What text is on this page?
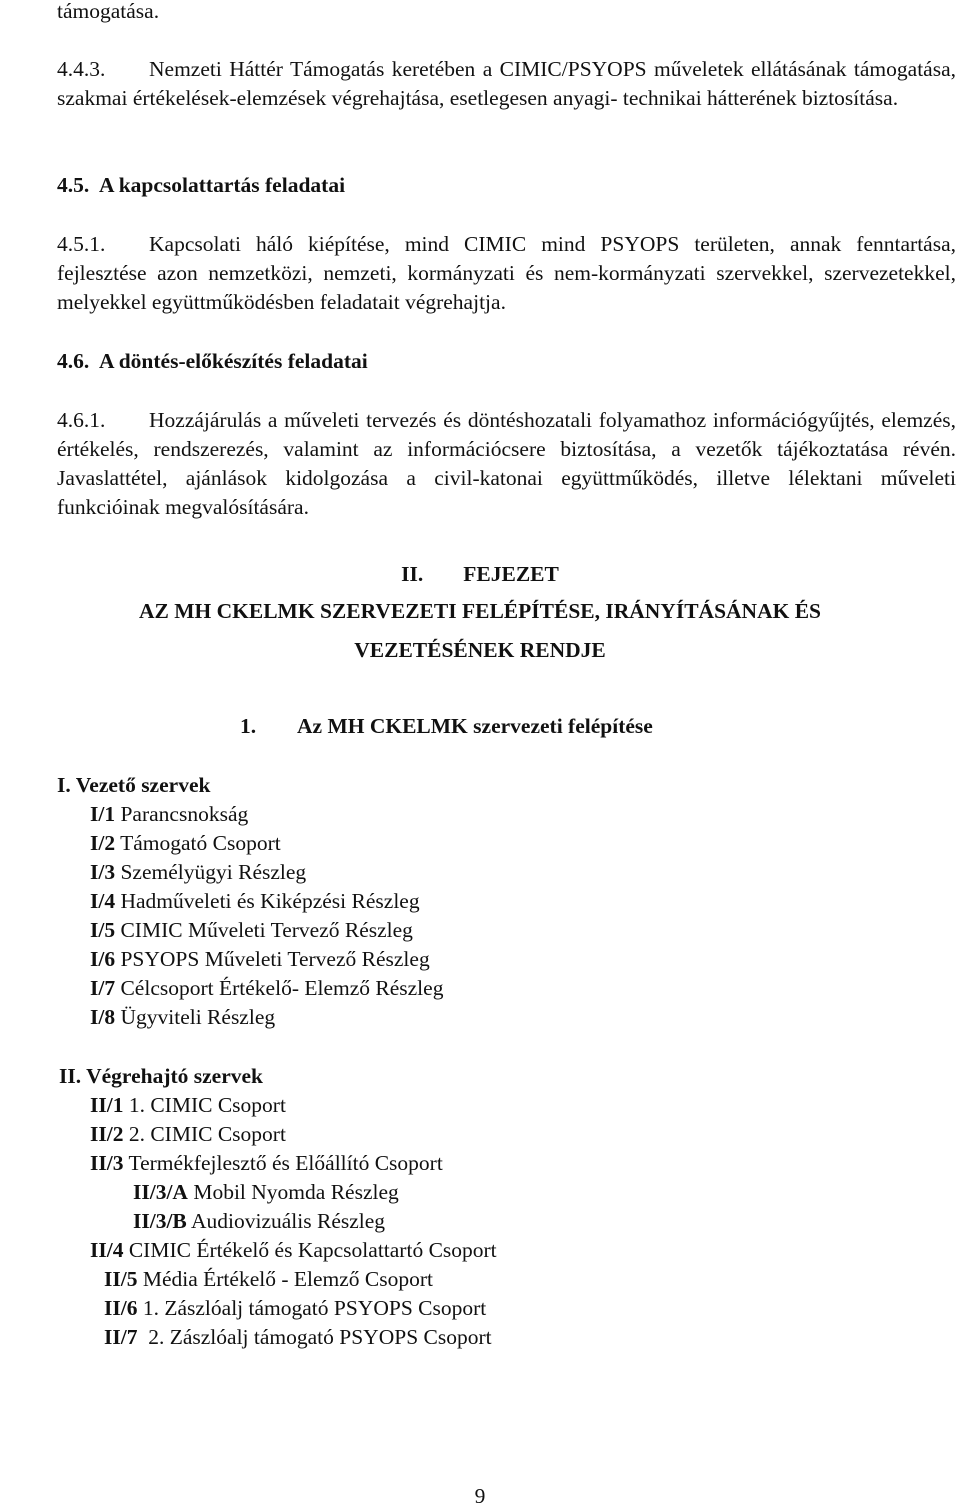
támogatása.
4.4.3. Nemzeti Háttér Támogatás keretében a CIMIC/PSYOPS műveletek ellátásának támogatása, szakmai értékelések-elemzések végrehajtása, esetlegesen anyagi- technikai hátterének biztosítása.
4.5. A kapcsolattartás feladatai
4.5.1. Kapcsolati háló kiépítése, mind CIMIC mind PSYOPS területen, annak fenntartása, fejlesztése azon nemzetközi, nemzeti, kormányzati és nem-kormányzati szervekkel, szervezetekkel, melyekkel együttműködésben feladatait végrehajtja.
4.6. A döntés-előkészítés feladatai
4.6.1. Hozzájárulás a műveleti tervezés és döntéshozatali folyamathoz információgyűjtés, elemzés, értékelés, rendszerezés, valamint az információcsere biztosítása, a vezetők tájékoztatása révén. Javaslattétel, ajánlások kidolgozása a civil-katonai együttműködés, illetve lélektani műveleti funkcióinak megvalósítására.
II. FEJEZET
AZ MH CKELMK SZERVEZETI FELÉPÍTÉSE, IRÁNYÍTÁSÁNAK ÉS
VEZETÉSÉNEK RENDJE
1. Az MH CKELMK szervezeti felépítése
I. Vezető szervek
I/1 Parancsnokság
I/2 Támogató Csoport
I/3 Személyügyi Részleg
I/4 Hadműveleti és Kiképzési Részleg
I/5 CIMIC Műveleti Tervező Részleg
I/6 PSYOPS Műveleti Tervező Részleg
I/7 Célcsoport Értékelő- Elemző Részleg
I/8 Ügyviteli Részleg
II. Végrehajtó szervek
II/1 1. CIMIC Csoport
II/2 2. CIMIC Csoport
II/3 Termékfejlesztő és Előállító Csoport
II/3/A Mobil Nyomda Részleg
II/3/B Audiovizuális Részleg
II/4 CIMIC Értékelő és Kapcsolattartó Csoport
II/5 Média Értékelő - Elemző Csoport
II/6 1. Zászlóalj támogató PSYOPS Csoport
II/7 2. Zászlóalj támogató PSYOPS Csoport
9
